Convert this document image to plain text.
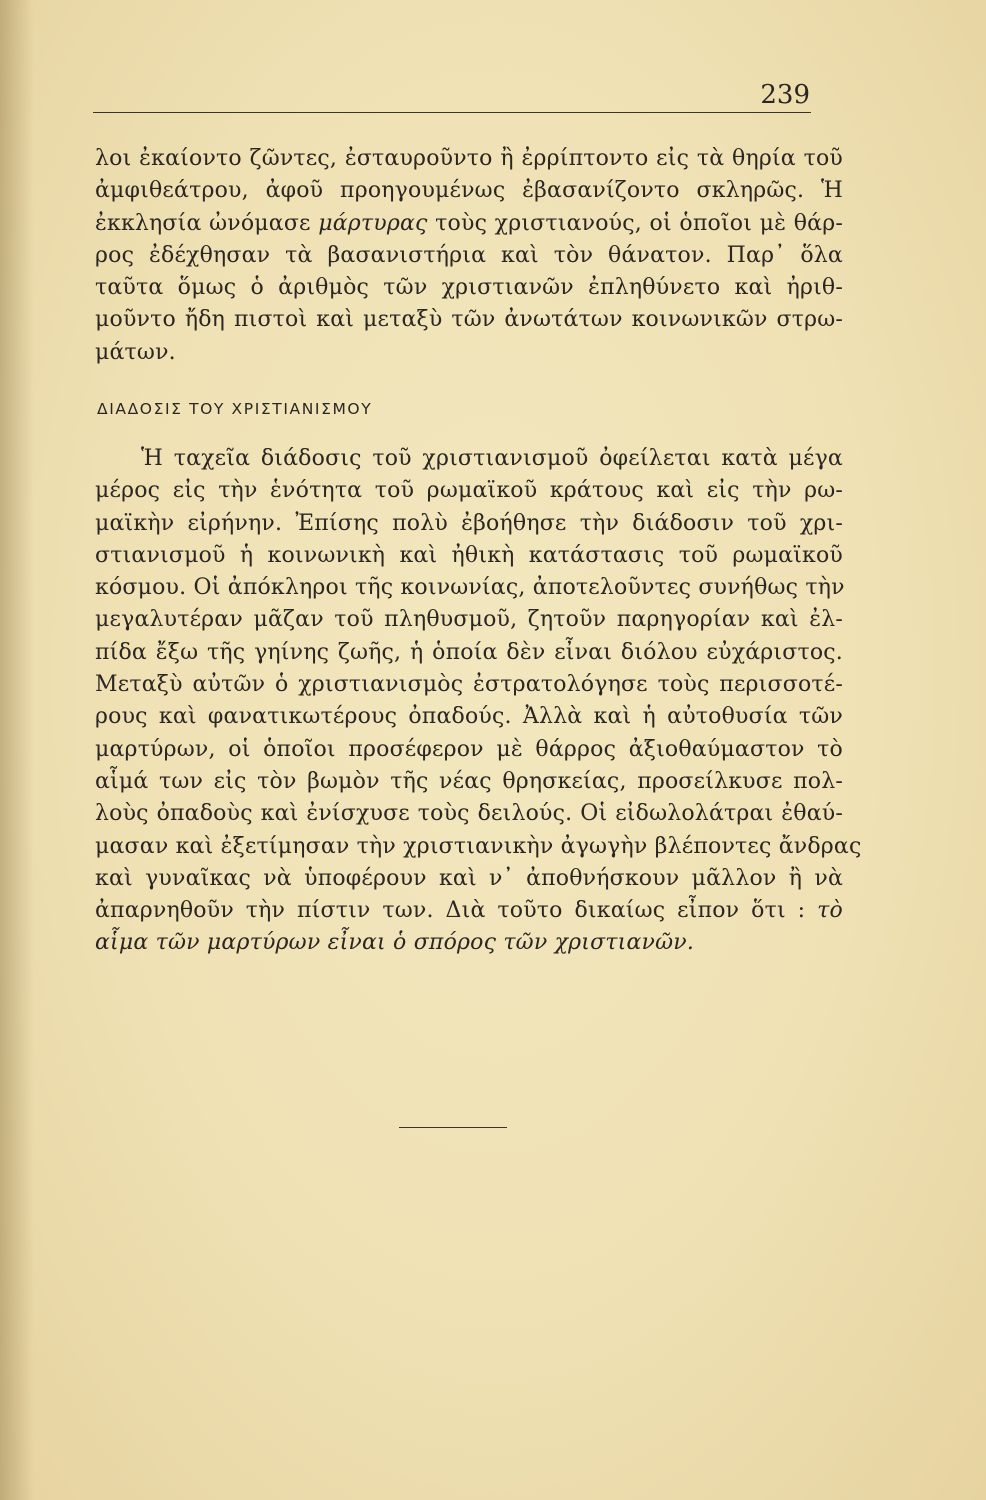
239
λοι ἐκαίοντο ζῶντες, ἐσταυροῦντο ἢ ἐρρίπτοντο εἰς τὰ θηρία τοῦ
ἀμφιθεάτρου, ἀφοῦ προηγουμένως ἐβασανίζοντο σκληρῶς. Ἡ
ἐκκλησία ὠνόμασε μάρτυρας τοὺς χριστιανούς, οἱ ὁποῖοι μὲ θάρ-
ρος ἐδέχθησαν τὰ βασανιστήρια καὶ τὸν θάνατον. Παρ᾿ ὅλα
ταῦτα ὅμως ὁ ἀριθμὸς τῶν χριστιανῶν ἐπληθύνετο καὶ ἠριθ-
μοῦντο ἤδη πιστοὶ καὶ μεταξὺ τῶν ἀνωτάτων κοινωνικῶν στρω-
μάτων.
ΔΙΑΔΟΣΙΣ ΤΟΥ ΧΡΙΣΤΙΑΝΙΣΜΟΥ
Ἡ ταχεῖα διάδοσις τοῦ χριστιανισμοῦ ὀφείλεται κατὰ μέγα
μέρος εἰς τὴν ἑνότητα τοῦ ρωμαϊκοῦ κράτους καὶ εἰς τὴν ρω-
μαϊκὴν εἰρήνην. Ἐπίσης πολὺ ἐβοήθησε τὴν διάδοσιν τοῦ χρι-
στιανισμοῦ ἡ κοινωνικὴ καὶ ἠθικὴ κατάστασις τοῦ ρωμαϊκοῦ
κόσμου. Οἱ ἀπόκληροι τῆς κοινωνίας, ἀποτελοῦντες συνήθως τὴν
μεγαλυτέραν μᾶζαν τοῦ πληθυσμοῦ, ζητοῦν παρηγορίαν καὶ ἐλ-
πίδα ἔξω τῆς γηίνης ζωῆς, ἡ ὁποία δὲν εἶναι διόλου εὐχάριστος.
Μεταξὺ αὐτῶν ὁ χριστιανισμὸς ἐστρατολόγησε τοὺς περισσοτέ-
ρους καὶ φανατικωτέρους ὀπαδούς. Ἀλλὰ καὶ ἡ αὐτοθυσία τῶν
μαρτύρων, οἱ ὁποῖοι προσέφερον μὲ θάρρος ἀξιοθαύμαστον τὸ
αἷμά των εἰς τὸν βωμὸν τῆς νέας θρησκείας, προσείλκυσε πολ-
λοὺς ὀπαδοὺς καὶ ἐνίσχυσε τοὺς δειλούς. Οἱ εἰδωλολάτραι ἐθαύ-
μασαν καὶ ἐξετίμησαν τὴν χριστιανικὴν ἀγωγὴν βλέποντες ἄνδρας
καὶ γυναῖκας νὰ ὑποφέρουν καὶ ν᾿ ἀποθνήσκουν μᾶλλον ἢ νὰ
ἀπαρνηθοῦν τὴν πίστιν των. Διὰ τοῦτο δικαίως εἶπον ὅτι : τὸ
αἷμα τῶν μαρτύρων εἶναι ὁ σπόρος τῶν χριστιανῶν.
